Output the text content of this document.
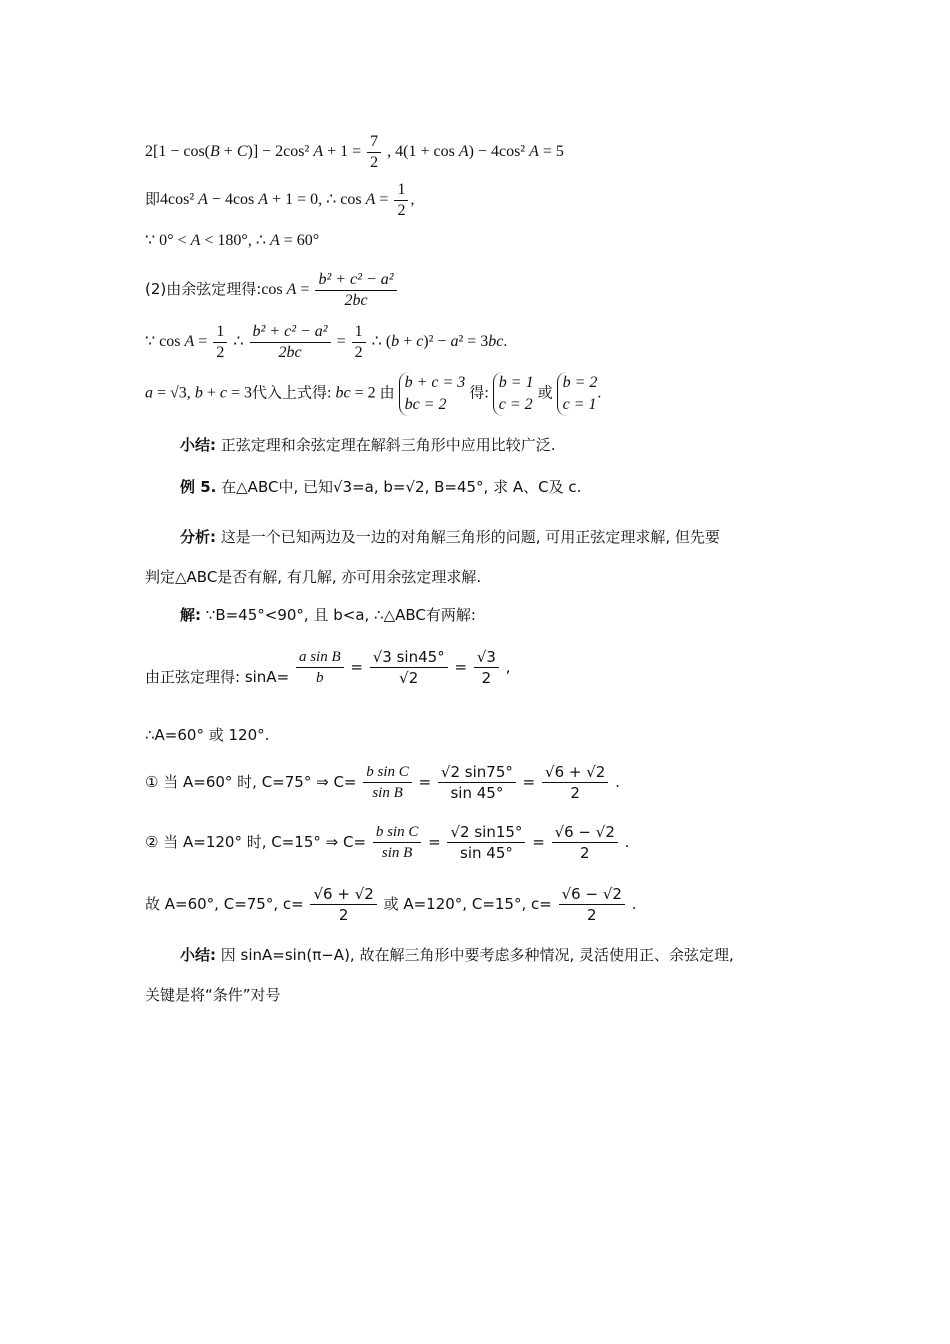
2[1 − cos(B + C)] − 2cos² $A + 1 = \frac{7}{2}$ , 4(1 + cos A) − 4cos² A = 5
即4cos² A − 4cos A + 1 = 0, ∴ $\cos A = \frac{1}{2}$ ,
∵ 0° < A < 180°, ∴ A = 60°
(2)由余弦定理得:cos $A = \frac{\text{b² + c² − a²}}{2bc}$
∵ $\cos A = \frac{1}{2}$ ∴ $\frac{\text{b² + c² − a²}}{2bc} = \frac{1}{2}$ ∴ (b + c)² − a² = 3bc.
a = √3, b + c = 3代入上式得: bc = 2 由
b + c = 3
bc = 2
得:
b = 1
c = 2
或
b = 2
c = 1
.
小结: 正弦定理和余弦定理在解斜三角形中应用比较广泛.
例 5. 在△ABC中, 已知√3=a, b=√2, B=45°, 求 A、C及 c.
分析: 这是一个已知两边及一边的对角解三角形的问题, 可用正弦定理求解, 但先要
判定△ABC是否有解, 有几解, 亦可用余弦定理求解.
解: ∵B=45°<90°, 且 b<a, ∴△ABC有两解:
由正弦定理得: $\sin A= \frac{\text{a sin B}}{b} = \frac{√3 \sin 45^\circ}{√2} = \frac{√3}{2}$ ,
∴A=60° 或 120°.
① 当 A=60° 时, C=75° ⇒ $C= \frac{\text{b sin C}}{\text{sin B}} = \frac{√2 \sin 75^\circ}{\sin 45^\circ} = \frac{√6 + √2}{2}$ .
② 当 A=120° 时, C=15° ⇒ $C= \frac{\text{b sin C}}{\text{sin B}} = \frac{√2 \sin 15^\circ}{\sin 45^\circ} = \frac{√6 - √2}{2}$ .
故 A=60°, C=75°, $c= \frac{√6 + √2}{2}$ 或 A=120°, C=15°, $c= \frac{√6 - √2}{2}$ .
小结: 因 sinA=sin(π−A), 故在解三角形中要考虑多种情况, 灵活使用正、余弦定理,
关键是将“条件”对号
